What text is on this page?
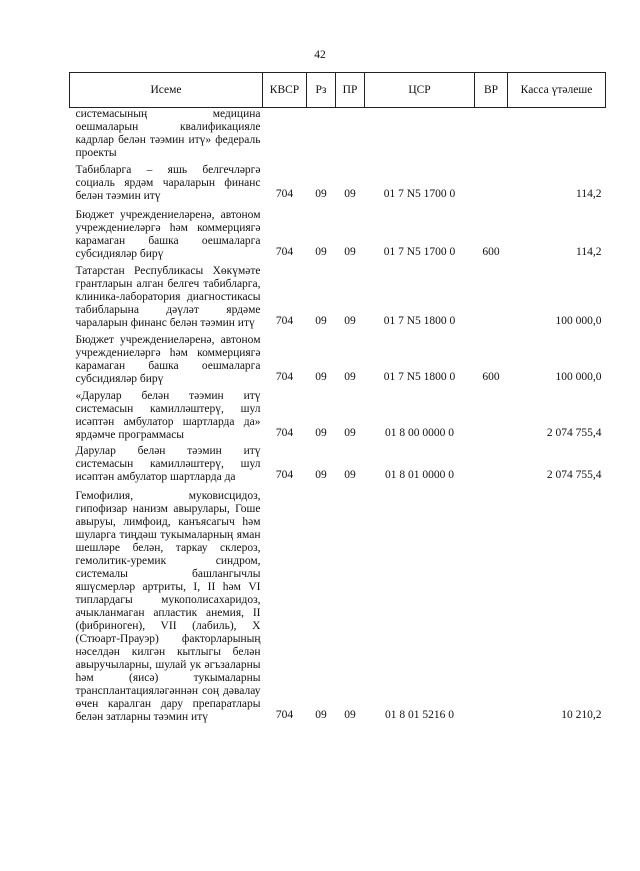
42
Исеме	КВСР	Рз	ПР	ЦСР	ВР	Касса үтәлеше
системасының медицина оешмаларын квалификацияле кадрлар белән тәэмин итү» федераль проекты						

Табибларга – яшь белгечләргә социаль ярдәм чараларын финанс белән тәэмин итү	704	09	09	01 7 N5 1700 0		114,2

Бюджет учреждениеләренә, автоном учреждениеләргә һәм коммерциягә карамаган башка оешмаларга субсидияләр бирү	704	09	09	01 7 N5 1700 0	600	114,2

Татарстан Республикасы Хөкүмәте грантларын алган белгеч табибларга, клиника-лаборатория диагностикасы табибларына дәүләт ярдәме чараларын финанс белән тәэмин итү	704	09	09	01 7 N5 1800 0		100 000,0

Бюджет учреждениеләренә, автоном учреждениеләргә һәм коммерциягә карамаган башка оешмаларга субсидияләр бирү	704	09	09	01 7 N5 1800 0	600	100 000,0

«Дарулар белән тәэмин итү системасын камилләштерү, шул исәптән амбулатор шартларда да» ярдәмче программасы	704	09	09	01 8 00 0000 0		2 074 755,4

Дарулар белән тәэмин итү системасын камилләштерү, шул исәптән амбулатор шартларда да	704	09	09	01 8 01 0000 0		2 074 755,4

Гемофилия, муковисцидоз, гипофизар нанизм авырулары, Гоше авыруы, лимфоид, канъясагыч һәм шуларга тиңдәш тукымаларның яман шешләре белән, таркау склероз, гемолитик-уремик синдром, системалы башлангычлы яшүсмерләр артриты, I, II һәм VI типлардагы мукополисахаридоз, ачыкланмаган апластик анемия, II (фибриноген), VII (лабиль), X (Стюарт-Прауэр) факторларының нәселдән килгән кытлыгы белән авыручыларны, шулай ук әгъзаларны һәм (яисә) тукымаларны трансплантацияләгәннән соң дәвалау өчен каралган дару препаратлары белән затларны тәэмин итү	704	09	09	01 8 01 5216 0		10 210,2
